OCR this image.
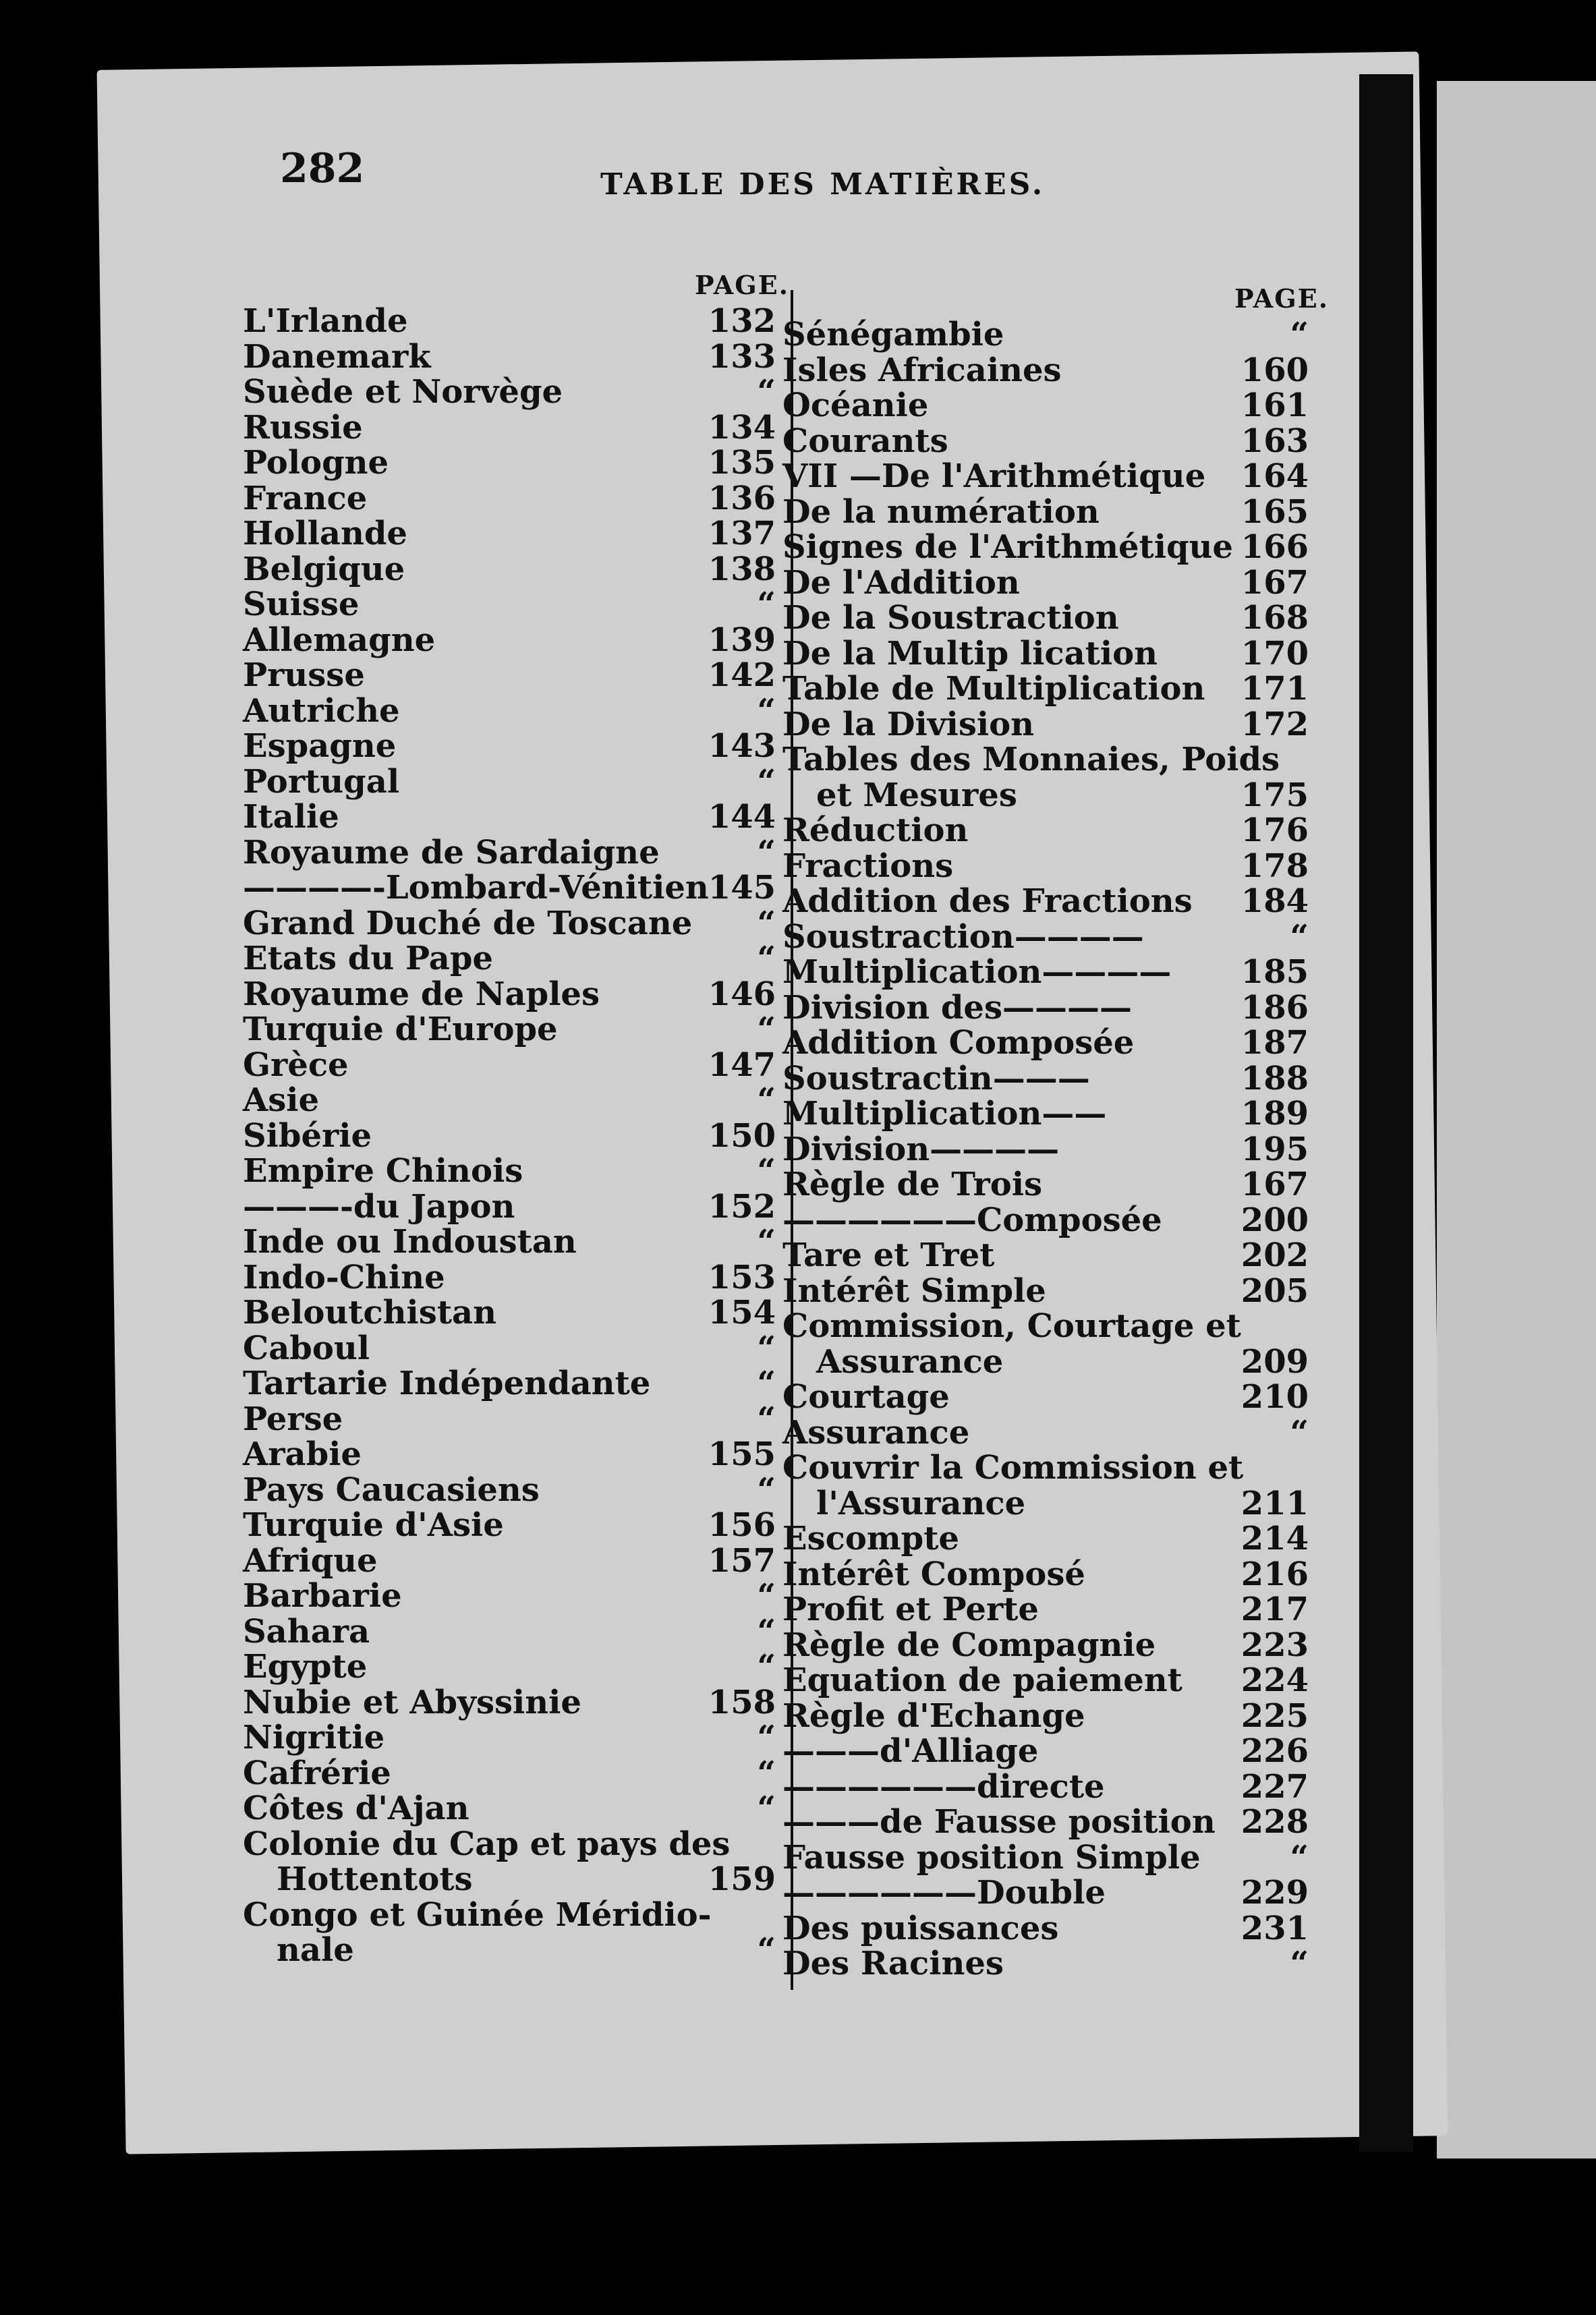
282	TABLE DES MATIÈRES.
PAGE.	PAGE.
L'Irlande	132
Danemark	133
Suède et Norvège	“
Russie	134
Pologne	135
France	136
Hollande	137
Belgique	138
Suisse	“
Allemagne	139
Prusse	142
Autriche	“
Espagne	143
Portugal	“
Italie	144
Royaume de Sardaigne	“
————-Lombard-Vénitien 145
Grand Duché de Toscane “
Etats du Pape	“
Royaume de Naples	146
Turquie d'Europe	“
Grèce	147
Asie	“
Sibérie	150
Empire Chinois	“
———-du Japon	152
Inde ou Indoustan	“
Indo-Chine	153
Beloutchistan	154
Caboul	“
Tartarie Indépendante	“
Perse	“
Arabie	155
Pays Caucasiens	“
Turquie d'Asie	156
Afrique	157
Barbarie	“
Sahara	“
Egypte	“
Nubie et Abyssinie	158
Nigritie	“
Cafrérie	“
Côtes d'Ajan	“
Colonie du Cap et pays des
Hottentots	159
Congo et Guinée Méridio-
nale	“
Sénégambie	“
Isles Africaines	160
Océanie	161
Courants	163
VII —De l'Arithmétique 164
De la numération	165
Signes de l'Arithmétique 166
De l'Addition	167
De la Soustraction	168
De la Multip lication	170
Table de Multiplication 171
De la Division	172
Tables des Monnaies, Poids
et Mesures	175
Réduction	176
Fractions	178
Addition des Fractions 184
Soustraction————	“
Multiplication———— 185
Division des————	186
Addition Composée	187
Soustractin———	188
Multiplication——	189
Division————	195
Règle de Trois	167
——————Composée 200
Tare et Tret	202
Intérêt Simple	205
Commission, Courtage et
Assurance	209
Courtage	210
Assurance	“
Couvrir la Commission et
l'Assurance	211
Escompte	214
Intérêt Composé	216
Profit et Perte	217
Règle de Compagnie	223
Equation de paiement 224
Règle d'Echange	225
———d'Alliage	226
——————directe	227
———de Fausse position 228
Fausse position Simple	“
——————Double	229
Des puissances	231
Des Racines	“
